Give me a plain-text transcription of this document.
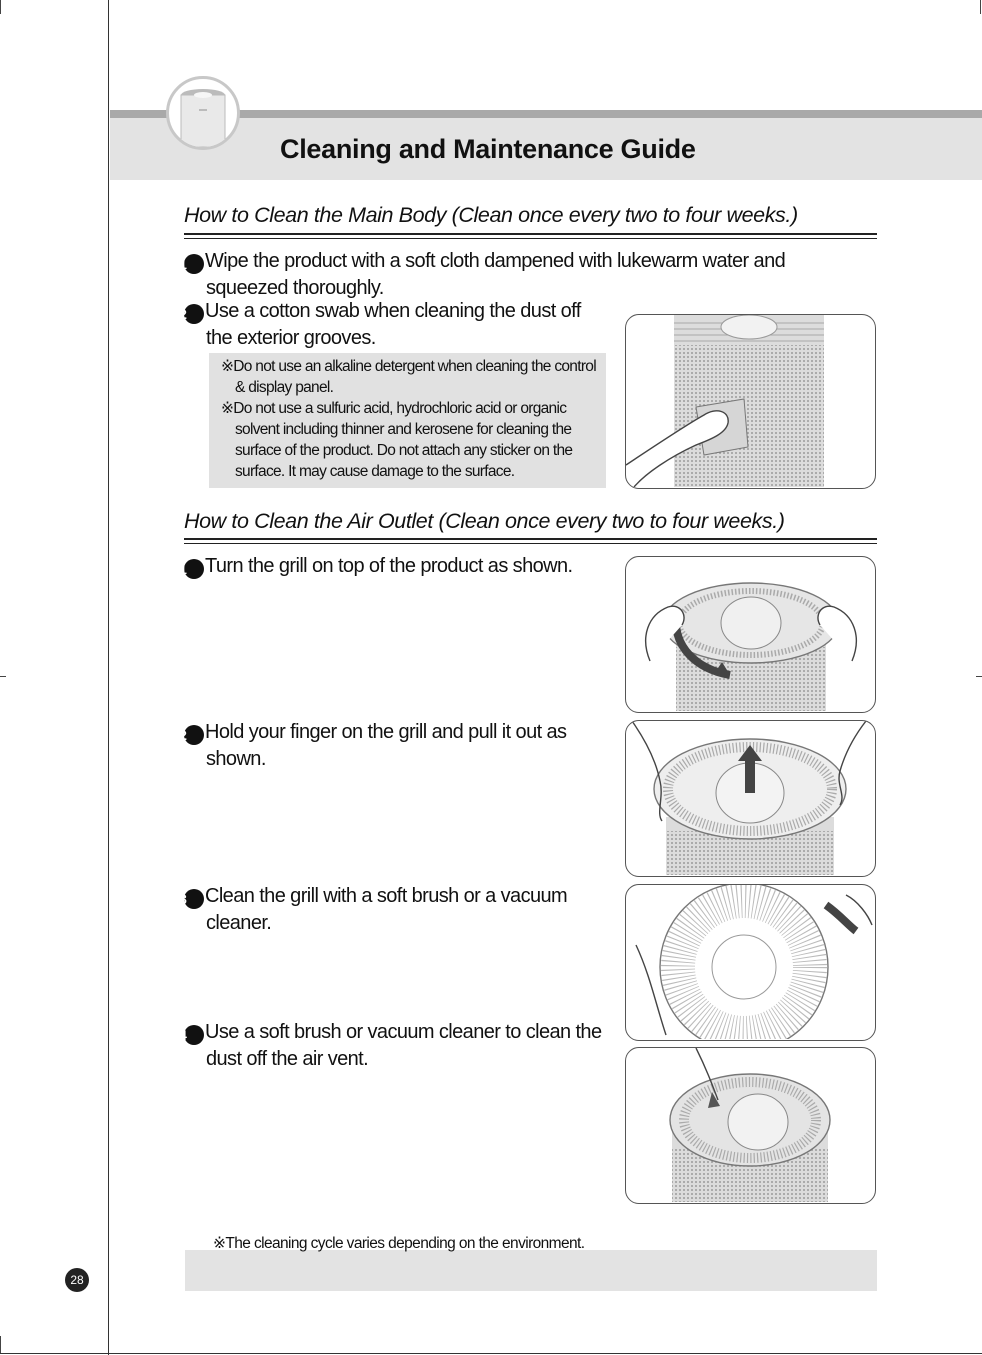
Cleaning and Maintenance Guide
How to Clean the Main Body (Clean once every two to four weeks.)
1 Wipe the product with a soft cloth dampened with lukewarm water and squeezed thoroughly.
2 Use a cotton swab when cleaning the dust off the exterior grooves.
※Do not use an alkaline detergent when cleaning the control & display panel.
※Do not use a sulfuric acid, hydrochloric acid or organic solvent including thinner and kerosene for cleaning the surface of the product. Do not attach any sticker on the surface. It may cause damage to the surface.
How to Clean the Air Outlet (Clean once every two to four weeks.)
1 Turn the grill on top of the product as shown.
2 Hold your finger on the grill and pull it out as shown.
3 Clean the grill with a soft brush or a vacuum cleaner.
4 Use a soft brush or vacuum cleaner to clean the dust off the air vent.
※The cleaning cycle varies depending on the environment.
28
